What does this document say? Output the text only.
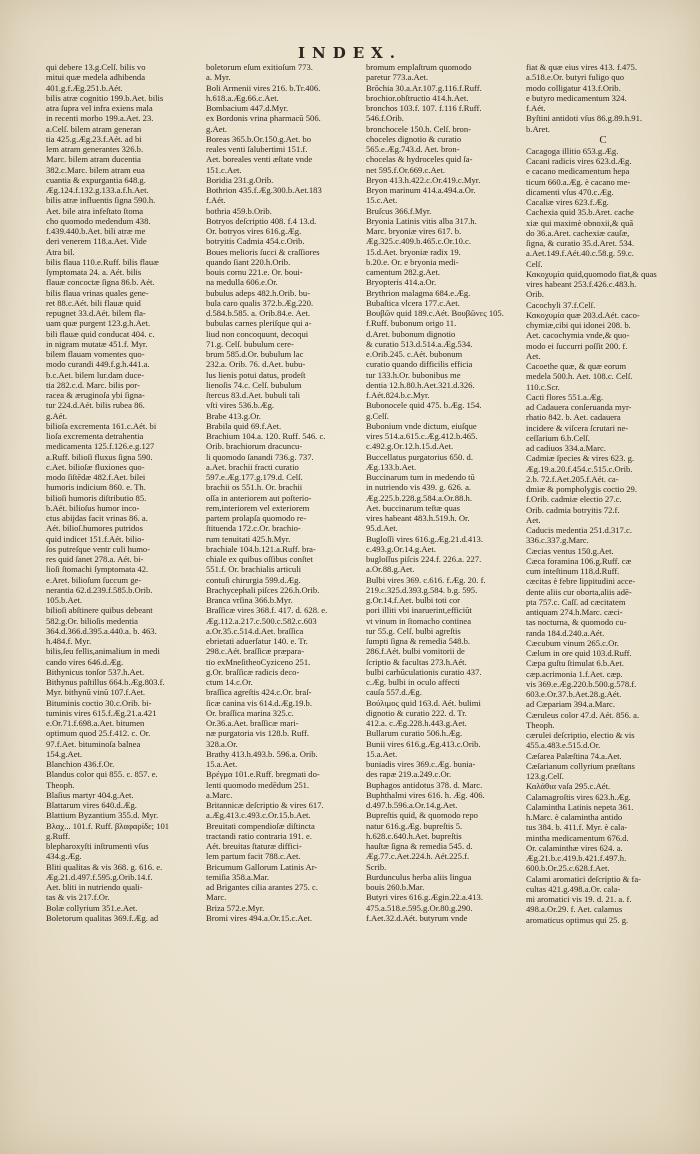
INDEX.
qui debere 13.g.Celſ. bilis vo
mitui quæ medela adhibenda
401.g.f.Æg.251.b.Aét.
bilis atræ cognitio 199.b.Aet. bilis
atra ſupra vel infra exiens mala
in recenti morbo 199.a.Aet. 23.
a.Celſ. bilem atram generan
tia 425.g.Æg.23.f.Aét. ad bi
lem atram generantes 326.b.
Marc. bilem atram ducentia
382.c.Marc. bilem atram eua
cuantia & expurgantia 648.g.
Æg.124.f.132.g.133.a.f.h.Aet.
bilis atræ influentis ſigna 590.h.
Aet. bile atra infeſtato ſtoma
cho quomodo medendum 438.
f.439.440.b.Aet. bili atræ me
deri venerem 118.a.Aet. Vide
Atra bil.
bilis flaua 110.e.Ruff. bilis flauæ
ſymptomata 24. a. Aét. bilis
flauæ concoctæ ſigna 86.b. Aét.
bilis flaua vrinas quales gene-
ret 88.c.Aét. bili flauæ quid
repugnet 33.d.Aét. bilem fla-
uam quæ purgent 123.g.h.Aet.
bili flauæ quid conducat 404. c.
in nigram mutatæ 451.f. Myr.
bilem flauam vomentes quo-
modo curandi 449.f.g.h.441.a.
b.c.Aet. bilem lur.dam duce-
tia 282.c.d. Marc. bilis por-
racea & æruginoſa ybi ſigna-
tur 224.d.Aét. bilis rubea 86.
g.Aét.
bilioſa excrementa 161.c.Aét. bi
lioſa excrementa detrahentia
medicamenta 125.f.126.e.g.127
a.Ruff. bilioſi fluxus ſigna 590.
c.Aet. bilioſæ fluxiones quo-
modo ſiſtēdæ 482.f.Aet. bilei
humoris indicium 860. e. Th.
bilioſi humoris diſtributio 85.
b.Aét. bilioſus humor inco-
ctus abijdas facit vrinas 86. a.
Aét. bilioſ.humores putridos
quid indicet 151.f.Aét. bilio-
ſos putreſque ventr culi humo-
res quid ſanet 278.a. Aét. bi-
lioſi ſtomachi ſymptomata 42.
e.Aret. bilioſum ſuccum ge-
nerantia 62.d.239.f.585.b.Orib.
105.b.Aet.
bilioſi abſtinere quibus debeant
582.g.Or. bilioſis medentia
364.d.366.d.395.a.440.a. b. 463.
h.484.f. Myr.
bilis,ſeu fellis,animalium in medi
cando vires 646.d.Æg.
Bithynicus tonſor 537.h.Aet.
Bithynus paſtillus 664.b.Æg.803.f.
Myr. bithynū vinū 107.f.Aet.
Bituminis coctio 30.c.Orib. bi-
tuminis vires 615.f.Æg.21.a.421
e.Or.71.f.698.a.Aet. bitumen
optimum quod 25.f.412. c. Or.
97.f.Aet. bituminoſa balnea
154.g.Aet.
Blanchion 436.f.Or.
Blandus color qui 855. c. 857. e.
Theoph.
Blaſius martyr 404.g.Aet.
Blattarum vires 640.d.Æg.
Blattium Byzantium 355.d. Myr.
Βλαχ... 101.f. Ruff. βλαφαρίδε; 101
g.Ruff.
blepharoxyſti inſtrumenti vſus
434.g.Æg.
Bliti qualitas & vis 368. g. 616. e.
Æg.21.d.497.f.595.g.Orib.14.f.
Aet. bliti in nutriendo quali-
tas & vis 217.f.Or.
Bolæ collyrium 351.e.Aet.
Boletorum qualitas 369.f.Æg. ad
boletorum eſum exitioſum 773.
a. Myr.
Boli Armenii vires 216. b.Tr.406.
h.618.a.Æg.66.c.Aet.
Bombacium 447.d.Myr.
ex Bordonis vrina pharmacū 506.
g.Aet.
Boreas 365.b.Or.150.g.Aet. bo
reales venti ſalubertimi 151.f.
Aet. boreales venti æſtate vnde
151.c.Aet.
Boridia 231.g.Orib.
Bothrion 435.f.Æg.300.b.Aet.183
f.Aét.
bothria 459.b.Orib.
Botryos deſcriptio 408. f.4 13.d.
Or. botryos vires 616.g.Æg.
botryitis Cadmia 454.c.Orib.
Boues melioris ſucci & craſſiores
quando ſiant 220.h.Orib.
bouis cornu 221.e. Or. boui-
na medulla 606.e.Or.
bubulus adeps 482.h.Orib. bu-
bula caro qualis 372.b.Æg.220.
d.584.b.585. a. Orib.84.e. Aet.
bubulas carnes pleriſque qui a-
liud non concoquunt, decoqui
71.g. Celſ. bubulum cere-
brum 585.d.Or. bubulum lac
232.a. Orib. 76. d.Aet. bubu-
lus lienis potui datus, prodeſt
lienoſis 74.c. Celſ. bubulum
ſtercus 83.d.Aet. bubuli tali
vſti vires 536.b.Æg.
Brabe 413.g.Or.
Brabila quid 69.f.Aet.
Brachium 104.a. 120. Ruff. 546. c.
Orib. brachiorum dracuncu-
li quomodo ſanandi 736.g. 737.
a.Aet. brachii fracti curatio
597.e.Æg.177.g.179.d. Celſ.
brachii os 551.h. Or. brachii
oſſa in anteriorem aut poſterio-
rem,interiorem vel exteriorem
partem prolapſa quomodo re-
ſtituenda 172.c.Or. brachio-
rum tenuitati 425.h.Myr.
brachiale 104.b.121.a.Ruff. bra-
chiale ex quibus oſſibus conſtet
551.f. Or. brachialis articuli
contuſi chirurgia 599.d.Æg.
Brachycephali piſces 226.h.Orib.
Branca vrſina 366.b.Myr.
Braſſicæ vires 368.f. 417. d. 628. e.
Æg.112.a.217.c.500.c.582.c.603
a.Or.35.c.514.d.Aet. braſſica
ebrietati aduerſatur 140. e. Tr.
298.c.Aét. braſſicæ præpara-
tio exMneſitheoCyziceno 251.
g.Or. braſſicæ radicis deco-
ctum 14.c.Or.
braſſica agreſtis 424.c.Or. braſ-
ſicæ canina vis 614.d.Æg.19.b.
Or. braſſica marina 325.c.
Or.36.a.Aet. braſſicæ mari-
næ purgatoria vis 128.b. Ruff.
328.a.Or.
Brathy 413.h.493.b. 596.a. Orib.
15.a.Aet.
Βρέγμα 101.e.Ruff. bregmati do-
lenti quomodo medēdum 251.
a.Marc.
Britannicæ deſcriptio & vires 617.
a.Æg.413.c.493.c.Or.15.b.Aet.
Breuitati compendioſæ diſtincta
tractandi ratio contraria 191. e.
Aét. breuitas ſtaturæ diffici-
lem partum facit 788.c.Aet.
Bricumum Gallorum Latinis Ar-
temiſia 358.a.Mar.
ad Brigantes cilia arantes 275. c.
Marc.
Briza 572.e.Myr.
Bromi vires 494.a.Or.15.c.Aet.
bromum emplaſtrum quomodo
paretur 773.a.Aet.
Brōchia 30.a.Ar.107.g.116.f.Ruff.
brochior.obſtructio 414.h.Aet.
bronchos 103.f. 107. f.116 f.Ruff.
546.f.Orib.
bronchocele 150.h. Celſ. bron-
choceles dignotio & curatio
565.e.Æg.743.d. Aet. bron-
chocelas & hydroceles quid ſa-
net 595.f.Or.669.c.Aet.
Bryon 413.h.422.c.Or.419.c.Myr.
Bryon marinum 414.a.494.a.Or.
15.c.Aet.
Bruſcus 366.f.Myr.
Bryonia Latinis vitis alba 317.h.
Marc. bryoniæ vires 617. b.
Æg.325.c.409.b.465.c.Or.10.c.
15.d.Aet. bryoniæ radix 19.
b.20.e. Or. e bryonia medi-
camentum 282.g.Aet.
Bryopteris 414.a.Or.
Brythrion malagma 684.e.Æg.
Bubaſtica vlcera 177.c.Aet.
Βουβῶν quid 189.c.Aét. Βουβῶνες 105.
f.Ruff. bubonum origo 11.
d.Aret. bubonum dignotio
& curatio 513.d.514.a.Æg.534.
e.Orib.245. c.Aét. bubonum
curatio quando difficilis efficia
tur 133.h.Or. bubonibus me
dentia 12.h.80.h.Aet.321.d.326.
f.Aét.824.b.c.Myr.
Bubonocele quid 475. b.Æg. 154.
g.Celſ.
Bubonium vnde dictum, eiuſque
vires 514.a.615.c.Æg.412.b.465.
c.492.g.Or.12.h.15.d.Aet.
Buccellatus purgatorius 650. d.
Æg.133.b.Aet.
Buccinarum tum in medendo tū
in nutriendo vis 439. g. 626. a.
Æg.225.b.228.g.584.a.Or.88.h.
Aet. buccinarum teſtæ quas
vires habeant 483.h.519.h. Or.
95.d.Aet.
Bugloſſi vires 616.g.Æg.21.d.413.
c.493.g.Or.14.g.Aet.
bugloſſus piſcis 224.f. 226.a. 227.
a.Or.88.g.Aet.
Bulbi vires 369. c.616. f.Æg. 20. f.
219.c.325.d.393.g.584. b.g. 595.
g.Or.14.f.Aet. bulbi toti cor
pori illiti vbi inaruerint,efficiūt
vt vinum in ſtomacho continea
tur 55.g. Celſ. bulbi agreſtis
ſumpti ſigna & remedia 548.b.
286.f.Aét. bulbi vomitorii de
ſcriptio & facultas 273.h.Aét.
bulbi carbūculationis curatio 437.
c.Æg. bulbi in oculo affecti
cauſa 557.d.Æg.
Βούλιμος quid 163.d. Aét. bulimi
dignotio & curatio 222. d. Tr.
412.a. c.Æg.228.h.443.g.Aet.
Bullarum curatio 506.h.Æg.
Bunii vires 616.g.Æg.413.c.Orib.
15.a.Aet.
buniadis vires 369.c.Æg. bunia-
des rapæ 219.a.249.c.Or.
Buphagos antidotus 378. d. Marc.
Buphthalmi vires 616. h. Æg. 406.
d.497.b.596.a.Or.14.g.Aet.
Bupreſtis quid, & quomodo repo
natur 616.g.Æg. bupreſtis 5.
h.628.c.640.h.Aet. bupreſtis
hauſtæ ſigna & remedia 545. d.
Æg.77.c.Aet.224.h. Aét.225.f.
Scrib.
Burdunculus herba aliis lingua
bouis 260.b.Mar.
Butyri vires 616.g.Ægin.22.a.413.
475.a.518.e.595.g.Or.80.g.290.
f.Aet.32.d.Aét. butyrum vnde
fiat & quæ eius vires 413. f.475.
a.518.e.Or. butyri fuligo quo
modo colligatur 413.f.Orib.
e butyro medicamentum 324.
f.Aét.
Byſtini antidoti vſus 86.g.89.h.91.
b.Aret.
C
Cacagoga illitio 653.g.Æg.
Cacani radicis vires 623.d.Æg.
e cacano medicamentum hepa
ticum 660.a.Æg. è cacano me-
dicamenti vſus 470.c.Æg.
Cacaliæ vires 623.f.Æg.
Cachexia quid 35.b.Aret. cache
xiæ qui maximè obnoxii,& quā
do 36.a.Aret. cachexiæ cauſæ,
ſigna, & curatio 35.d.Aret. 534.
a.Aet.149.f.Aét.40.c.58.g. 59.c.
Celſ.
Κακοχυμία quid,quomodo fiat,& quas
vires habeant 253.f.426.c.483.h.
Orib.
Cacochyli 37.f.Celſ.
Κακοχυμία quæ 203.d.Aét. caco-
chymiæ,cibi qui idonei 208. b.
Aet. cacochymia vnde,& quo-
modo ei ſuccurri poſſit 200. f.
Aet.
Cacoethe quæ, & quæ eorum
medela 500.h. Aet. 108.c. Celſ.
110.c.Scr.
Cacti flores 551.a.Æg.
ad Cadauera conſeruanda myr-
rhatio 842. b. Aet. cadauera
incidere & viſcera ſcrutari ne-
ceſſarium 6.b.Celſ.
ad cadiuos 334.a.Marc.
Cadmiæ ſpecies & vires 623. g.
Æg.19.a.20.f.454.c.515.c.Orib.
2.b. 72.f.Aet.205.f.Aét. ca-
dmiæ & pompholygis coctio 29.
f.Orib. cadmiæ electio 27.c.
Orib. cadmia botryitis 72.f.
Aet.
Caducis medentia 251.d.317.c.
336.c.337.g.Marc.
Cæcias ventus 150.g.Aet.
Cæca foramina 106.g.Ruff. cæ
cum inteſtinum 118.d.Ruff.
cæcitas è febre lippitudini acce-
dente aliis cur oborta,aliis adē-
pta 757.c. Caſſ. ad cæcitatem
antiquam 274.h.Marc. cæci-
tas nocturna, & quomodo cu-
randa 184.d.240.a.Aét.
Cæcubum vinum 265.c.Or.
Cælum in ore quid 103.d.Ruff.
Cæpa guſtu ſtimulat 6.b.Aet.
cæp.acrimonia 1.f.Aet. cæp.
vis 369.e.Æg.220.b.500.g.578.f.
603.e.Or.37.b.Aet.28.g.Aét.
ad Cæpariam 394.a.Marc.
Cæruleus color 47.d. Aét. 856. a.
Theoph.
cærulei deſcriptio, electio & vis
455.a.483.e.515.d.Or.
Cæſarea Palæſtina 74.a.Aet.
Cæſarianum collyrium præſtans
123.g.Celſ.
Καλάθια vaſa 295.c.Aét.
Calamagroſtis vires 623.h.Æg.
Calamintha Latinis nepeta 361.
h.Marc. è calamintha antido
tus 384. b. 411.f. Myr. è cala-
mintha medicamentum 676.d.
Or. calaminthæ vires 624. a.
Æg.21.b.c.419.b.421.f.497.h.
600.b.Or.25.c.628.f.Aet.
Calami aromatici deſcriptio & fa-
cultas 421.g.498.a.Or. cala-
mi aromatici vis 19. d. 21. a. f.
498.a.Or.29. f. Aet. calamus
aromaticus optimus qui 25. g.
